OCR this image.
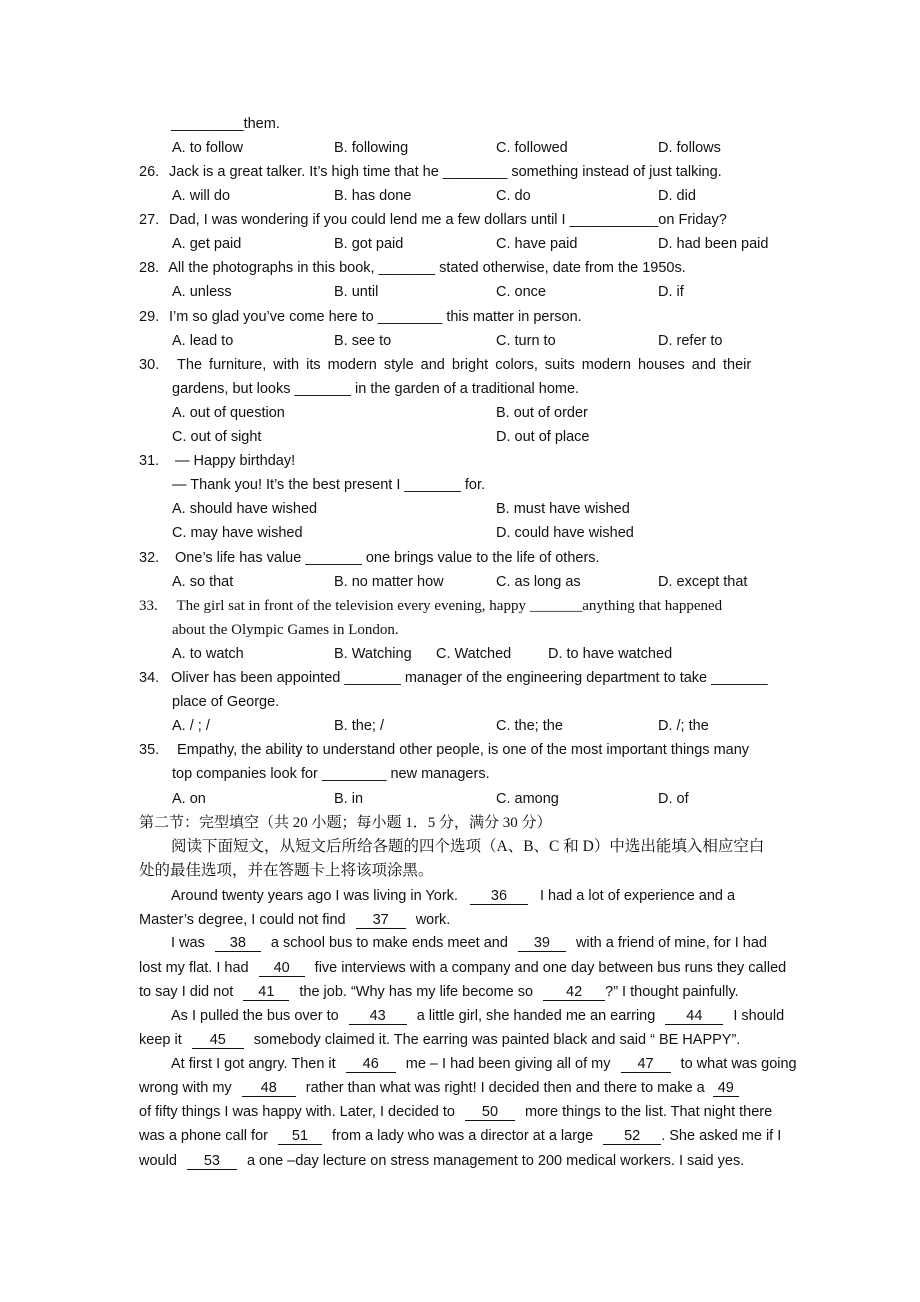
_________them.
A. to follow	B. following	C. followed	D. follows
26. Jack is a great talker. It’s high time that he ________ something instead of just talking.
A. will do	B. has done	C. do	D. did
27. Dad, I was wondering if you could lend me a few dollars until I ___________on Friday?
A. get paid	B. got paid	C. have paid	D. had been paid
28. All the photographs in this book, _______ stated otherwise, date from the 1950s.
A. unless	B. until	C. once	D. if
29. I’m so glad you’ve come here to ________ this matter in person.
A. lead to	B. see to	C. turn to	D. refer to
30. The furniture, with its modern style and bright colors, suits modern houses and their
gardens, but looks _______ in the garden of a traditional home.
A. out of question	B. out of order
C. out of sight	D. out of place
31. — Happy birthday!
— Thank you! It’s the best present I _______ for.
A. should have wished	B. must have wished
C. may have wished	D. could have wished
32. One’s life has value _______ one brings value to the life of others.
A. so that	B. no matter how	C. as long as	D. except that
33. The girl sat in front of the television every evening, happy _______anything that happened
about the Olympic Games in London.
A. to watch	B. Watching C. Watched	D. to have watched
34. Oliver has been appointed _______ manager of the engineering department to take _______
place of George.
A. / ; /	B. the; /	C. the; the	D. /; the
35. Empathy, the ability to understand other people, is one of the most important things many
top companies look for ________ new managers.
A. on	B. in	C. among	D. of
第二节：完型填空（共 20 小题；每小题 1．5 分，满分 30 分）
阅读下面短文，从短文后所给各题的四个选项（A、B、C 和 D）中选出能填入相应空白
处的最佳选项，并在答题卡上将该项涂黑。
Around twenty years ago I was living in York. 36 I had a lot of experience and a
Master’s degree, I could not find 37 work.
I was 38 a school bus to make ends meet and 39 with a friend of mine, for I had
lost my flat. I had 40 five interviews with a company and one day between bus runs they called
to say I did not 41 the job. “Why has my life become so 42 ?” I thought painfully.
As I pulled the bus over to 43 a little girl, she handed me an earring 44 I should
keep it 45 somebody claimed it. The earring was painted black and said “ BE HAPPY”.
At first I got angry. Then it 46 me – I had been giving all of my 47 to what was going
wrong with my 48 rather than what was right! I decided then and there to make a 49
of fifty things I was happy with. Later, I decided to 50 more things to the list. That night there
was a phone call for 51 from a lady who was a director at a large 52 . She asked me if I
would 53 a one –day lecture on stress management to 200 medical workers. I said yes.
